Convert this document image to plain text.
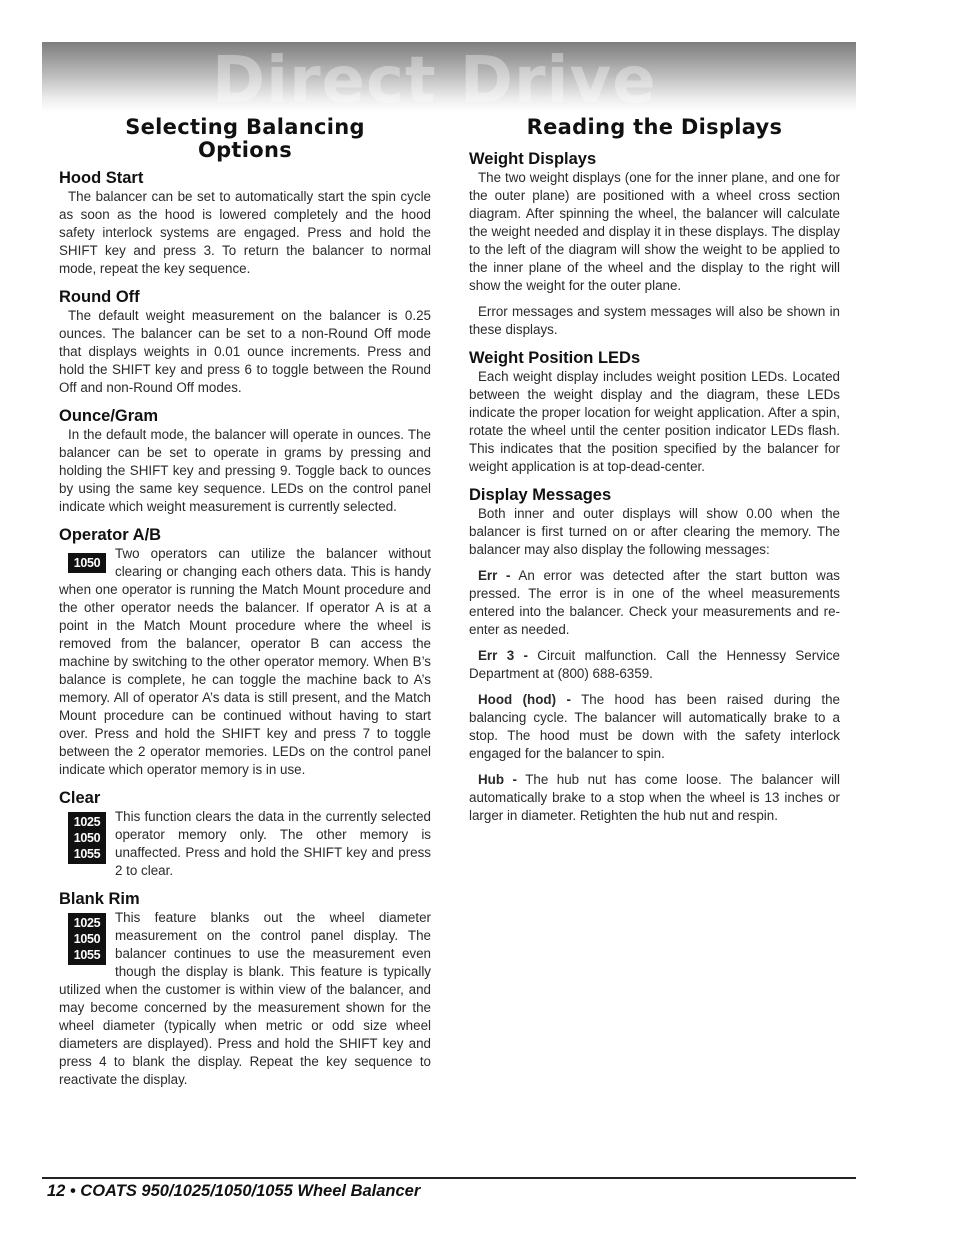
Direct Drive
Selecting Balancing Options
Hood Start

The balancer can be set to automatically start the spin cycle as soon as the hood is lowered completely and the hood safety interlock systems are engaged. Press and hold the SHIFT key and press 3. To return the balancer to normal mode, repeat the key sequence.

Round Off

The default weight measurement on the balancer is 0.25 ounces. The balancer can be set to a non-Round Off mode that displays weights in 0.01 ounce increments. Press and hold the SHIFT key and press 6 to toggle between the Round Off and non-Round Off modes.

Ounce/Gram

In the default mode, the balancer will operate in ounces. The balancer can be set to operate in grams by pressing and holding the SHIFT key and pressing 9. Toggle back to ounces by using the same key sequence. LEDs on the control panel indicate which weight measurement is currently selected.

Operator A/B
1050

Two operators can utilize the balancer without clearing or changing each others data. This is handy when one operator is running the Match Mount procedure and the other operator needs the balancer. If operator A is at a point in the Match Mount procedure where the wheel is removed from the balancer, operator B can access the machine by switching to the other operator memory. When B’s balance is complete, he can toggle the machine back to A’s memory. All of operator A’s data is still present, and the Match Mount procedure can be continued without having to start over. Press and hold the SHIFT key and press 7 to toggle between the 2 operator memories. LEDs on the control panel indicate which operator memory is in use.

Clear
1025
1050
1055

This function clears the data in the currently selected operator memory only. The other memory is unaffected. Press and hold the SHIFT key and press 2 to clear.

Blank Rim
1025
1050
1055

This feature blanks out the wheel diameter measurement on the control panel display. The balancer continues to use the measurement even though the display is blank. This feature is typically utilized when the customer is within view of the balancer, and may become concerned by the measurement shown for the wheel diameter (typically when metric or odd size wheel diameters are displayed). Press and hold the SHIFT key and press 4 to blank the display. Repeat the key sequence to reactivate the display.

Reading the Displays
Weight Displays

The two weight displays (one for the inner plane, and one for the outer plane) are positioned with a wheel cross section diagram. After spinning the wheel, the balancer will calculate the weight needed and display it in these displays. The display to the left of the diagram will show the weight to be applied to the inner plane of the wheel and the display to the right will show the weight for the outer plane.

Error messages and system messages will also be shown in these displays.

Weight Position LEDs

Each weight display includes weight position LEDs. Located between the weight display and the diagram, these LEDs indicate the proper location for weight application. After a spin, rotate the wheel until the center position indicator LEDs flash. This indicates that the position specified by the balancer for weight application is at top-dead-center.

Display Messages

Both inner and outer displays will show 0.00 when the balancer is first turned on or after clearing the memory. The balancer may also display the following messages:

Err - An error was detected after the start button was pressed. The error is in one of the wheel measurements entered into the balancer. Check your measurements and re-enter as needed.

Err 3 - Circuit malfunction. Call the Hennessy Service Department at (800) 688-6359.

Hood (hod) - The hood has been raised during the balancing cycle. The balancer will automatically brake to a stop. The hood must be down with the safety interlock engaged for the balancer to spin.

Hub - The hub nut has come loose. The balancer will automatically brake to a stop when the wheel is 13 inches or larger in diameter. Retighten the hub nut and respin.

12 • COATS 950/1025/1050/1055 Wheel Balancer
